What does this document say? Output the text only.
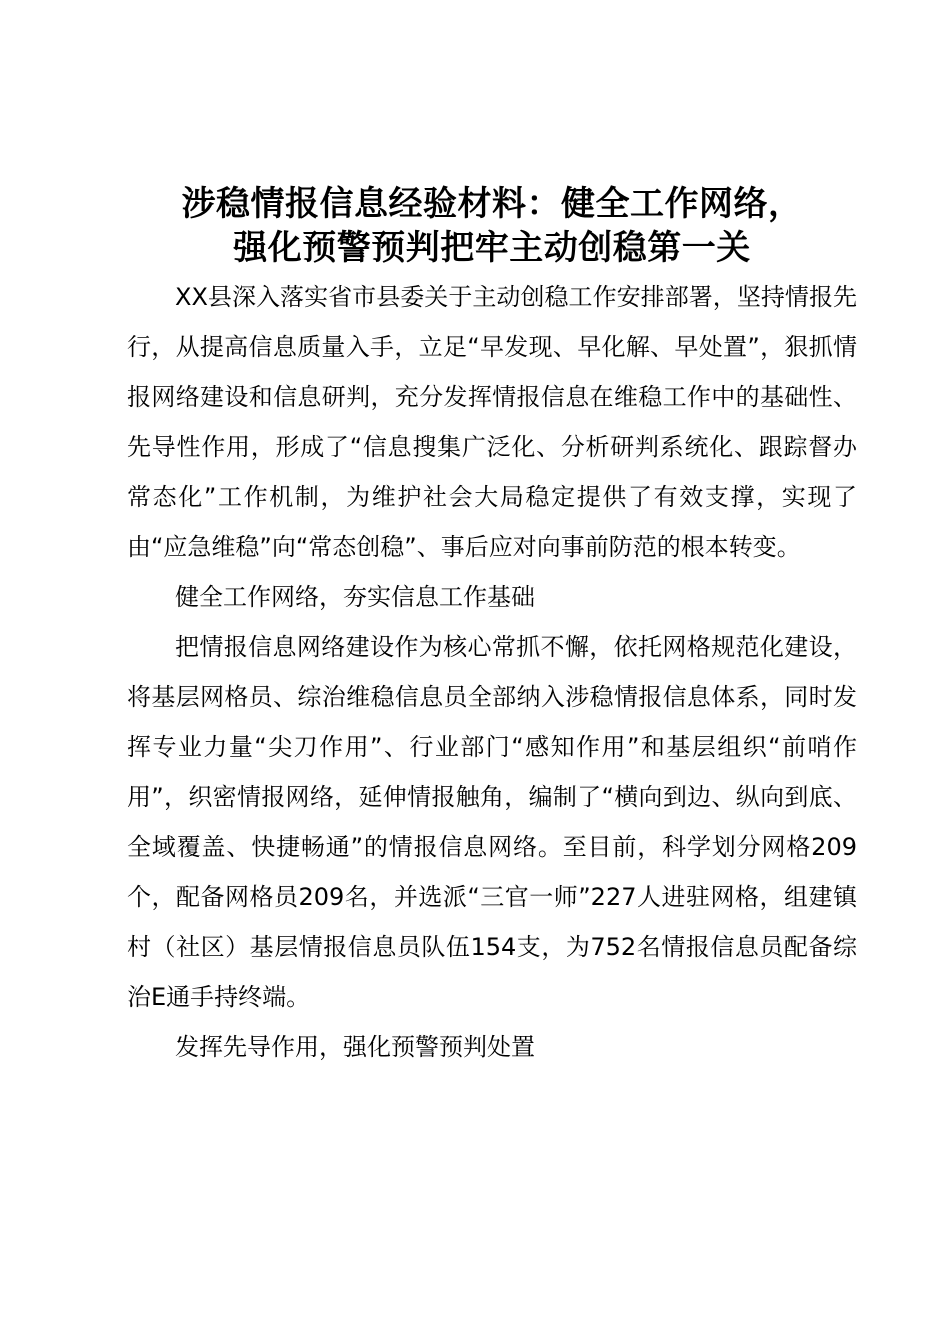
涉稳情报信息经验材料：健全工作网络，
强化预警预判把牢主动创稳第一关

XX县深入落实省市县委关于主动创稳工作安排部署，坚持情报先行，从提高信息质量入手，立足“早发现、早化解、早处置”，狠抓情报网络建设和信息研判，充分发挥情报信息在维稳工作中的基础性、先导性作用，形成了“信息搜集广泛化、分析研判系统化、跟踪督办常态化”工作机制，为维护社会大局稳定提供了有效支撑，实现了由“应急维稳”向“常态创稳”、事后应对向事前防范的根本转变。

健全工作网络，夯实信息工作基础

把情报信息网络建设作为核心常抓不懈，依托网格规范化建设，将基层网格员、综治维稳信息员全部纳入涉稳情报信息体系，同时发挥专业力量“尖刀作用”、行业部门“感知作用”和基层组织“前哨作用”，织密情报网络，延伸情报触角，编制了“横向到边、纵向到底、全域覆盖、快捷畅通”的情报信息网络。至目前，科学划分网格209个，配备网格员209名，并选派“三官一师”227人进驻网格，组建镇村（社区）基层情报信息员队伍154支，为752名情报信息员配备综治E通手持终端。

发挥先导作用，强化预警预判处置
